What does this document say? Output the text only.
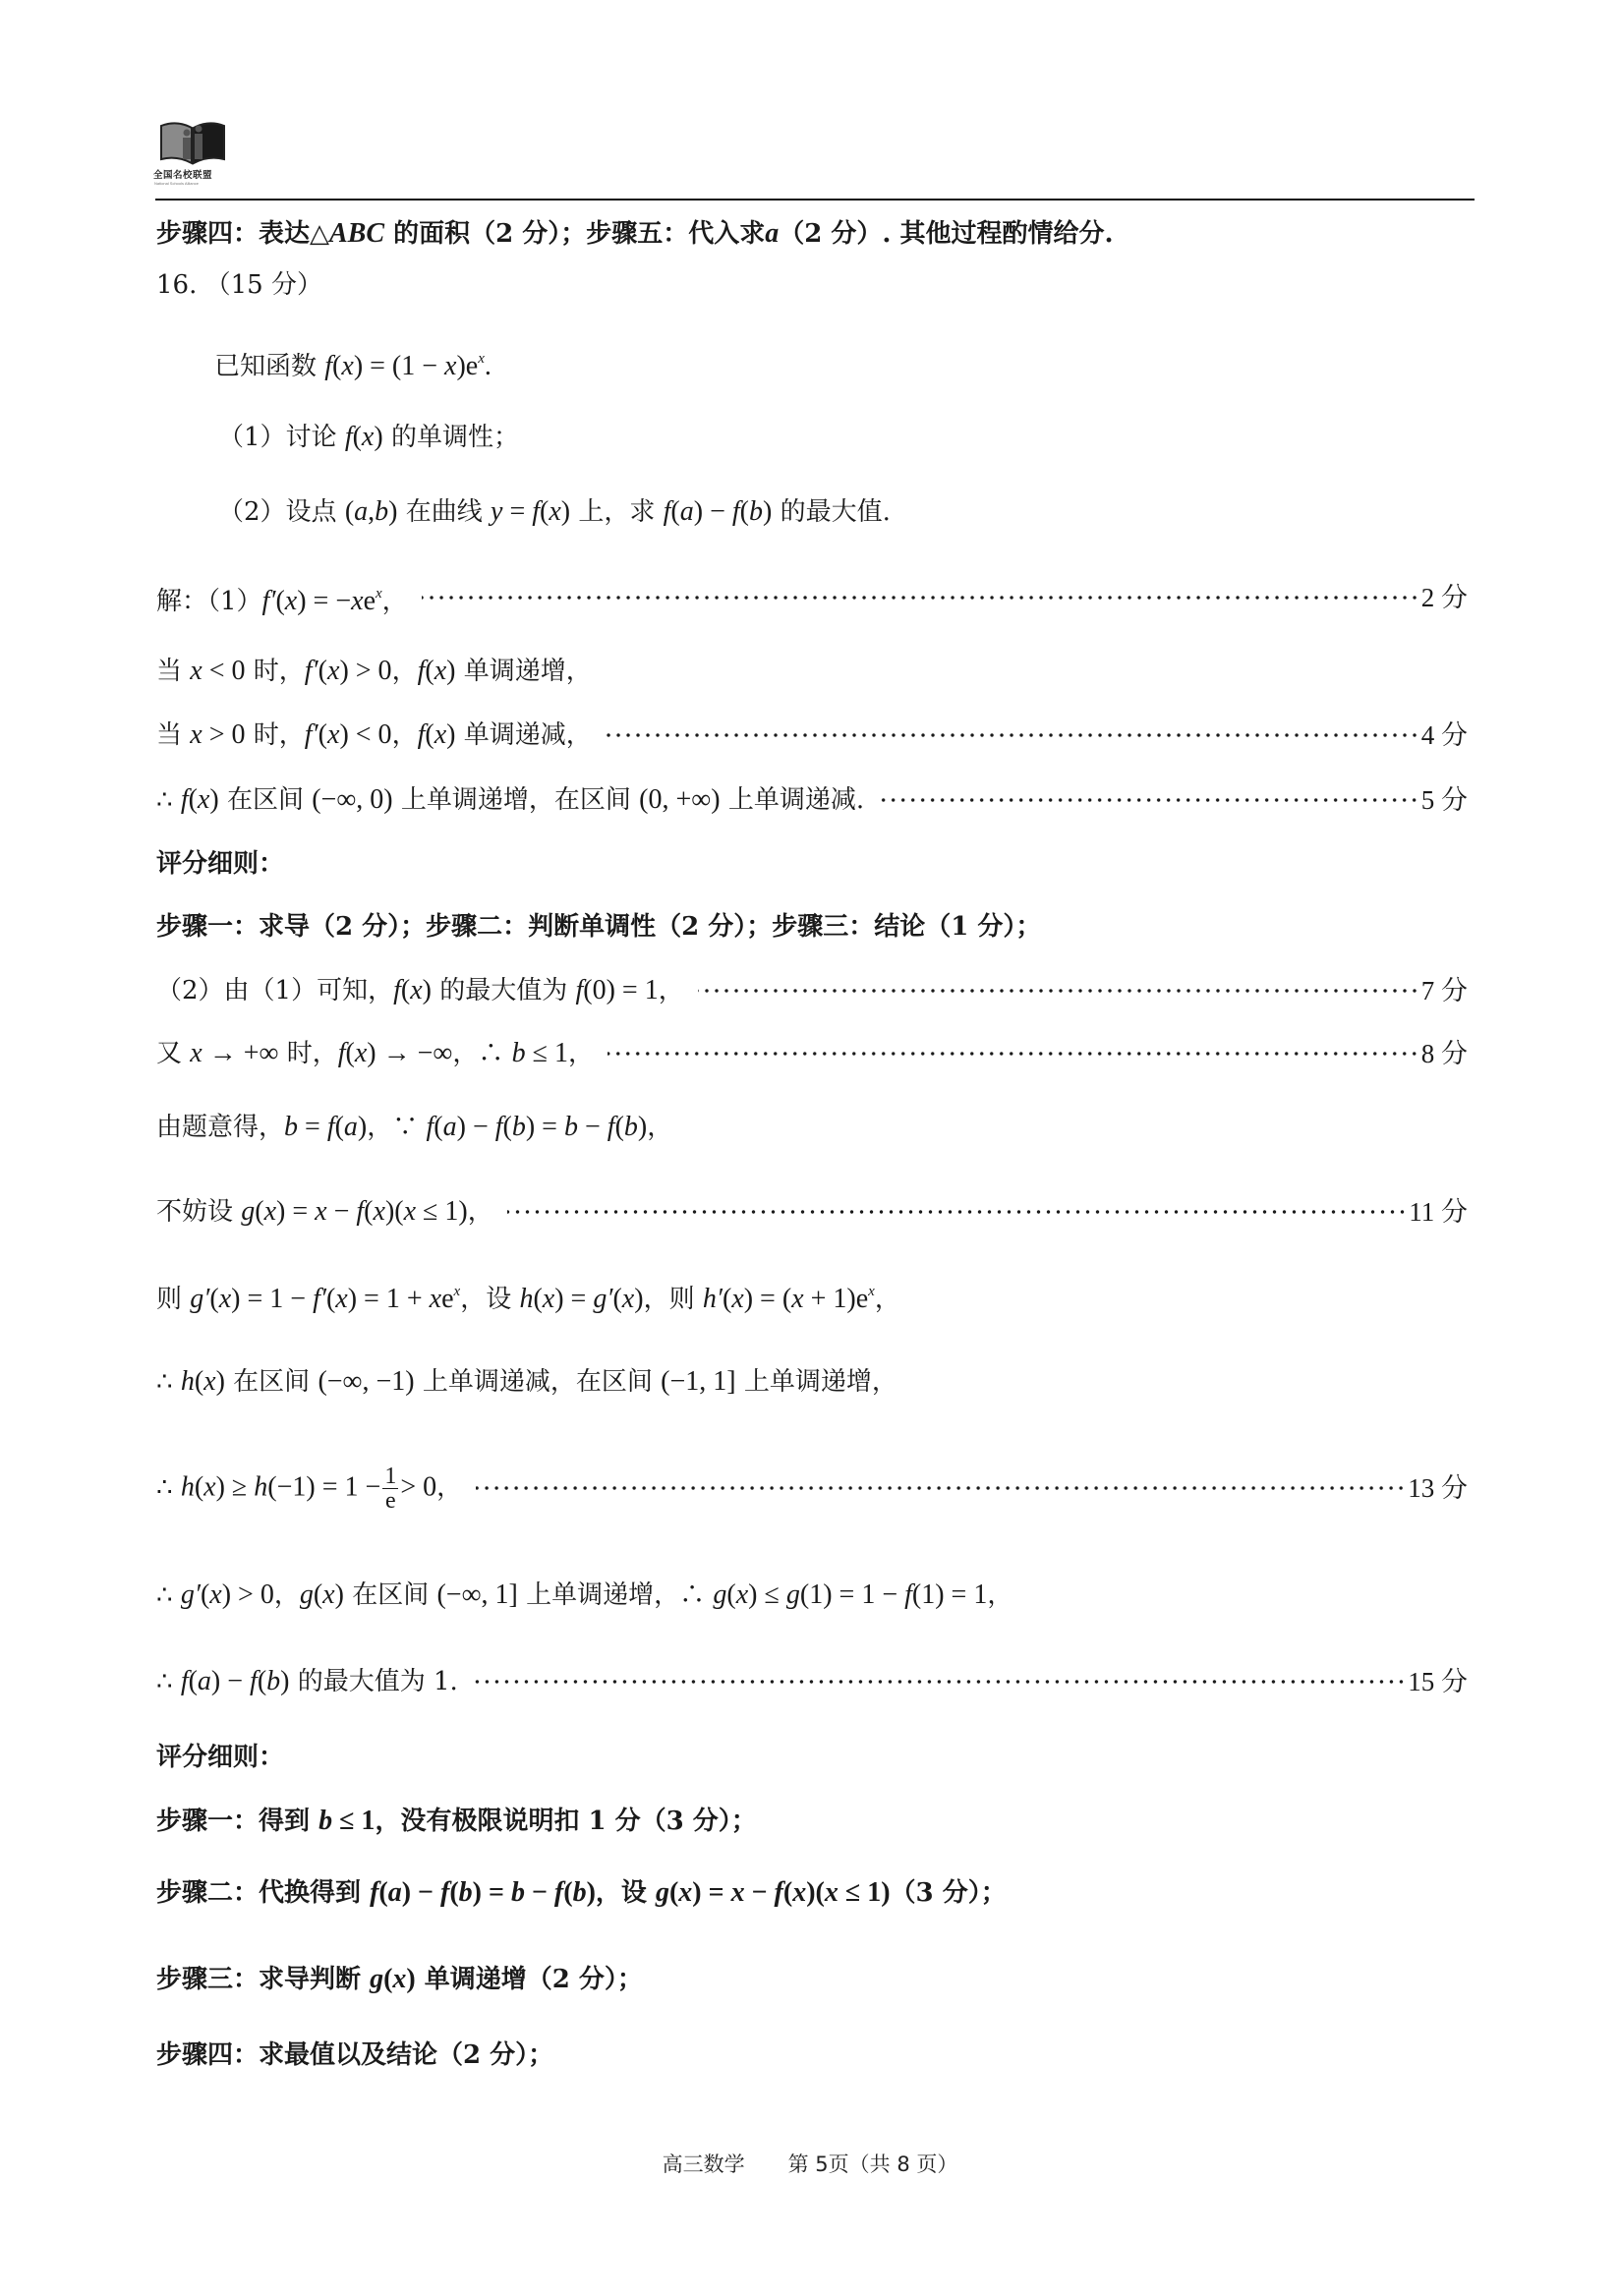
全国名校联盟
National Schools Alliance
步骤四：表达△ABC 的面积（2 分）；步骤五：代入求a（2 分）. 其他过程酌情给分.
16. （15 分）
已知函数 $f(x) = (1 - x)e^x$.
（1）讨论 f(x) 的单调性；
（2）设点 (a,b) 在曲线 y = f(x) 上，求 f(a) − f(b) 的最大值.
解：$(1)f'(x) = -xe^x$，	2 分
当 x < 0 时，f′(x) > 0，f(x) 单调递增，
当 x > 0 时，f′(x) < 0，f(x) 单调递减，	4 分
∴ f(x) 在区间 (−∞, 0) 上单调递增，在区间 (0, +∞) 上单调递减.	5 分
评分细则：
步骤一：求导（2 分）；步骤二：判断单调性（2 分）；步骤三：结论（1 分）；
（2）由（1）可知，f(x) 的最大值为 f(0) = 1，	7 分
又 x → +∞ 时，f(x) → −∞，∴ b ≤ 1，	8 分
由题意得，b = f(a)，∵ f(a) − f(b) = b − f(b)，
不妨设 g(x) = x − f(x)(x ≤ 1)，	11 分
则 $g'(x) = 1 - f'(x) = 1 + xe^x$，设 h(x) = g′(x)，则 $h'(x) = (x + 1)e^x$，
∴ h(x) 在区间 (−∞, −1) 上单调递减，在区间 (−1, 1] 上单调递增，
∴ $h(x) \ge h(-1) = 1 - \frac{1}{e} > 0$，	13 分
∴ g′(x) > 0，g(x) 在区间 (−∞, 1] 上单调递增，∴ g(x) ≤ g(1) = 1 − f(1) = 1，
∴ f(a) − f(b) 的最大值为 1.	15 分
评分细则：
步骤一：得到 b ≤ 1，没有极限说明扣 1 分（3 分）；
步骤二：代换得到 f(a) − f(b) = b − f(b)，设 g(x) = x − f(x)(x ≤ 1)（3 分）；
步骤三：求导判断 g(x) 单调递增（2 分）；
步骤四：求最值以及结论（2 分）；
高三数学 第 5页（共 8 页）
